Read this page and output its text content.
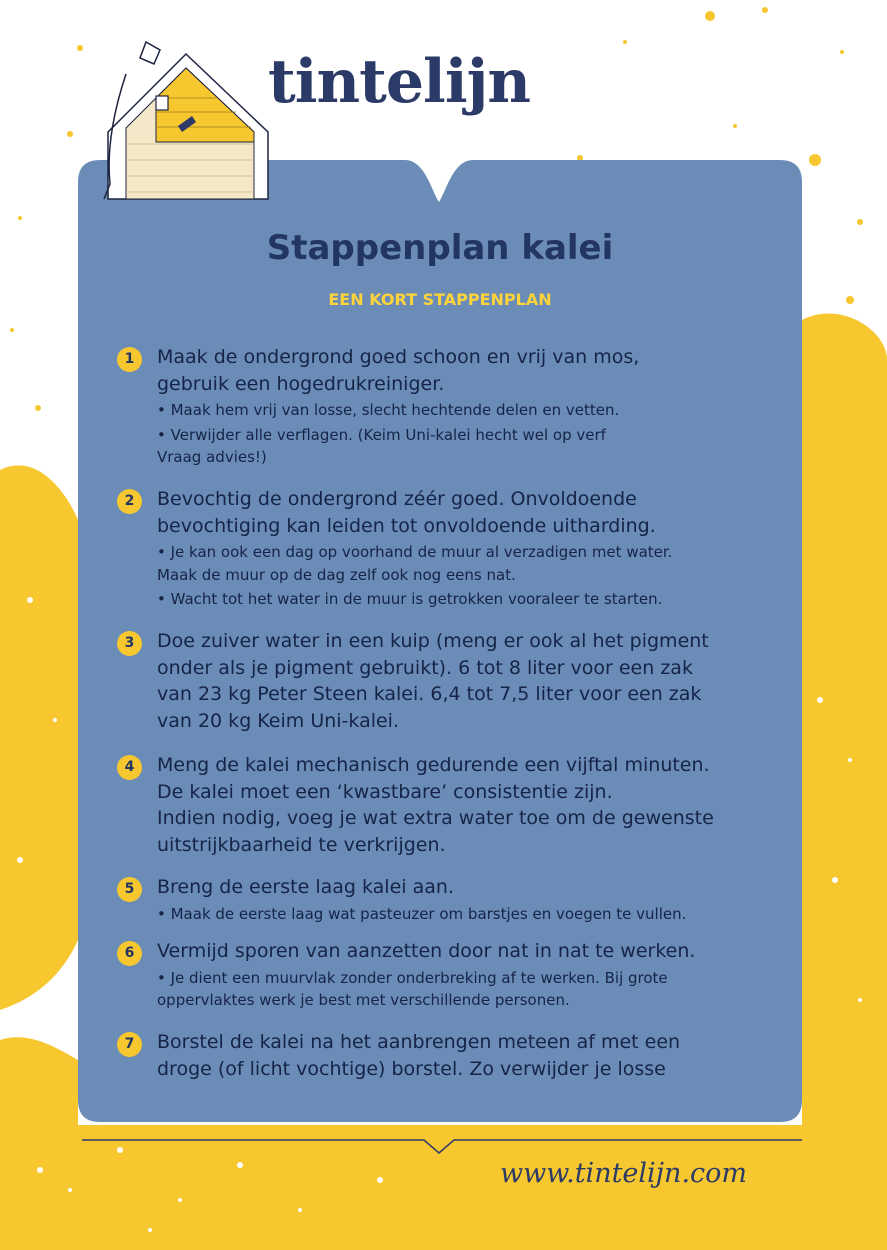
tintelijn
Stappenplan kalei
EEN KORT STAPPENPLAN
1	Maak de ondergrond goed schoon en vrij van mos,
gebruik een hogedrukreiniger.

• Maak hem vrij van losse, slecht hechtende delen en vetten.

• Verwijder alle verflagen. (Keim Uni-kalei hecht wel op verf
Vraag advies!)

2	Bevochtig de ondergrond zéér goed. Onvoldoende
bevochtiging kan leiden tot onvoldoende uitharding.

• Je kan ook een dag op voorhand de muur al verzadigen met water.
Maak de muur op de dag zelf ook nog eens nat.

• Wacht tot het water in de muur is getrokken vooraleer te starten.

3	Doe zuiver water in een kuip (meng er ook al het pigment
onder als je pigment gebruikt). 6 tot 8 liter voor een zak
van 23 kg Peter Steen kalei. 6,4 tot 7,5 liter voor een zak
van 20 kg Keim Uni-kalei.

4	Meng de kalei mechanisch gedurende een vijftal minuten.
De kalei moet een ‘kwastbare’ consistentie zijn.
Indien nodig, voeg je wat extra water toe om de gewenste
uitstrijkbaarheid te verkrijgen.

5	Breng de eerste laag kalei aan.

• Maak de eerste laag wat pasteuzer om barstjes en voegen te vullen.

6	Vermijd sporen van aanzetten door nat in nat te werken.

• Je dient een muurvlak zonder onderbreking af te werken. Bij grote
oppervlaktes werk je best met verschillende personen.

7	Borstel de kalei na het aanbrengen meteen af met een
droge (of licht vochtige) borstel. Zo verwijder je losse

www.tintelijn.com
